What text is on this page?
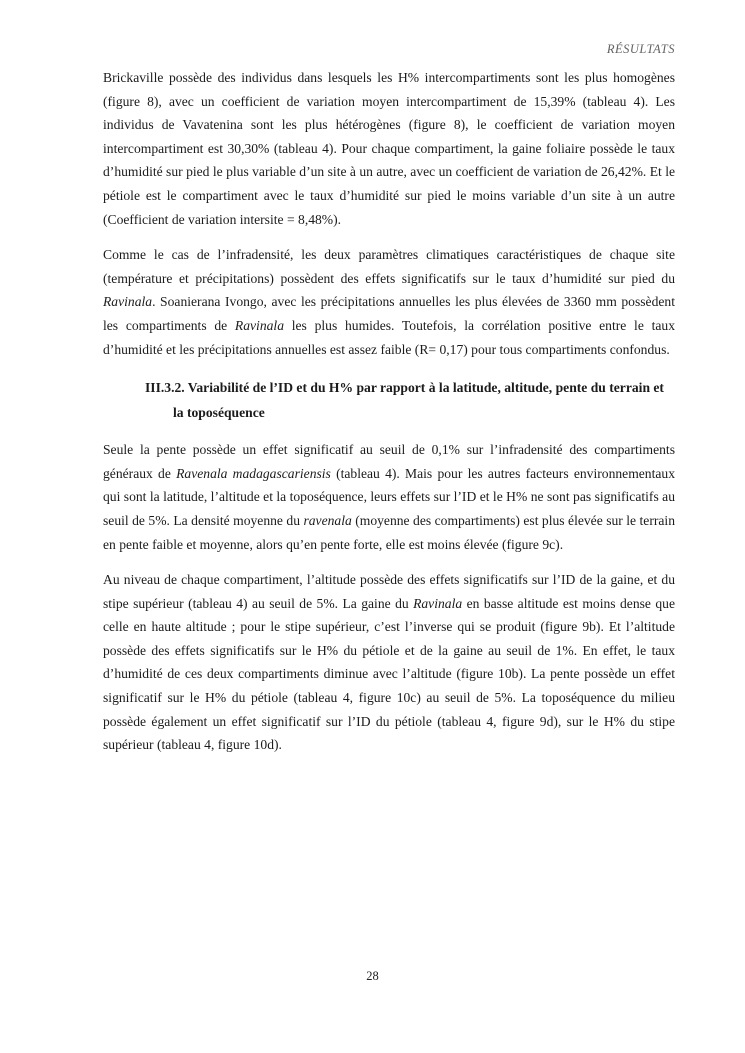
RÉSULTATS

Brickaville possède des individus dans lesquels les H% intercompartiments sont les plus homogènes (figure 8), avec un coefficient de variation moyen intercompartiment de 15,39% (tableau 4). Les individus de Vavatenina sont les plus hétérogènes (figure 8), le coefficient de variation moyen intercompartiment est 30,30% (tableau 4). Pour chaque compartiment, la gaine foliaire possède le taux d’humidité sur pied le plus variable d’un site à un autre, avec un coefficient de variation de 26,42%. Et le pétiole est le compartiment avec le taux d’humidité sur pied le moins variable d’un site à un autre (Coefficient de variation intersite = 8,48%).

Comme le cas de l’infradensité, les deux paramètres climatiques caractéristiques de chaque site (température et précipitations) possèdent des effets significatifs sur le taux d’humidité sur pied du Ravinala. Soanierana Ivongo, avec les précipitations annuelles les plus élevées de 3360 mm possèdent les compartiments de Ravinala les plus humides. Toutefois, la corrélation positive entre le taux d’humidité et les précipitations annuelles est assez faible (R= 0,17) pour tous compartiments confondus.

III.3.2. Variabilité de l’ID et du H% par rapport à la latitude, altitude, pente du terrain et la toposéquence

Seule la pente possède un effet significatif au seuil de 0,1% sur l’infradensité des compartiments généraux de Ravenala madagascariensis (tableau 4). Mais pour les autres facteurs environnementaux qui sont la latitude, l’altitude et la toposéquence, leurs effets sur l’ID et le H% ne sont pas significatifs au seuil de 5%. La densité moyenne du ravenala (moyenne des compartiments) est plus élevée sur le terrain en pente faible et moyenne, alors qu’en pente forte, elle est moins élevée (figure 9c).

Au niveau de chaque compartiment, l’altitude possède des effets significatifs sur l’ID de la gaine, et du stipe supérieur (tableau 4) au seuil de 5%. La gaine du Ravinala en basse altitude est moins dense que celle en haute altitude ; pour le stipe supérieur, c’est l’inverse qui se produit (figure 9b). Et l’altitude possède des effets significatifs sur le H% du pétiole et de la gaine au seuil de 1%. En effet, le taux d’humidité de ces deux compartiments diminue avec l’altitude (figure 10b). La pente possède un effet significatif sur le H% du pétiole (tableau 4, figure 10c) au seuil de 5%. La toposéquence du milieu possède également un effet significatif sur l’ID du pétiole (tableau 4, figure 9d), sur le H% du stipe supérieur (tableau 4, figure 10d).

28
